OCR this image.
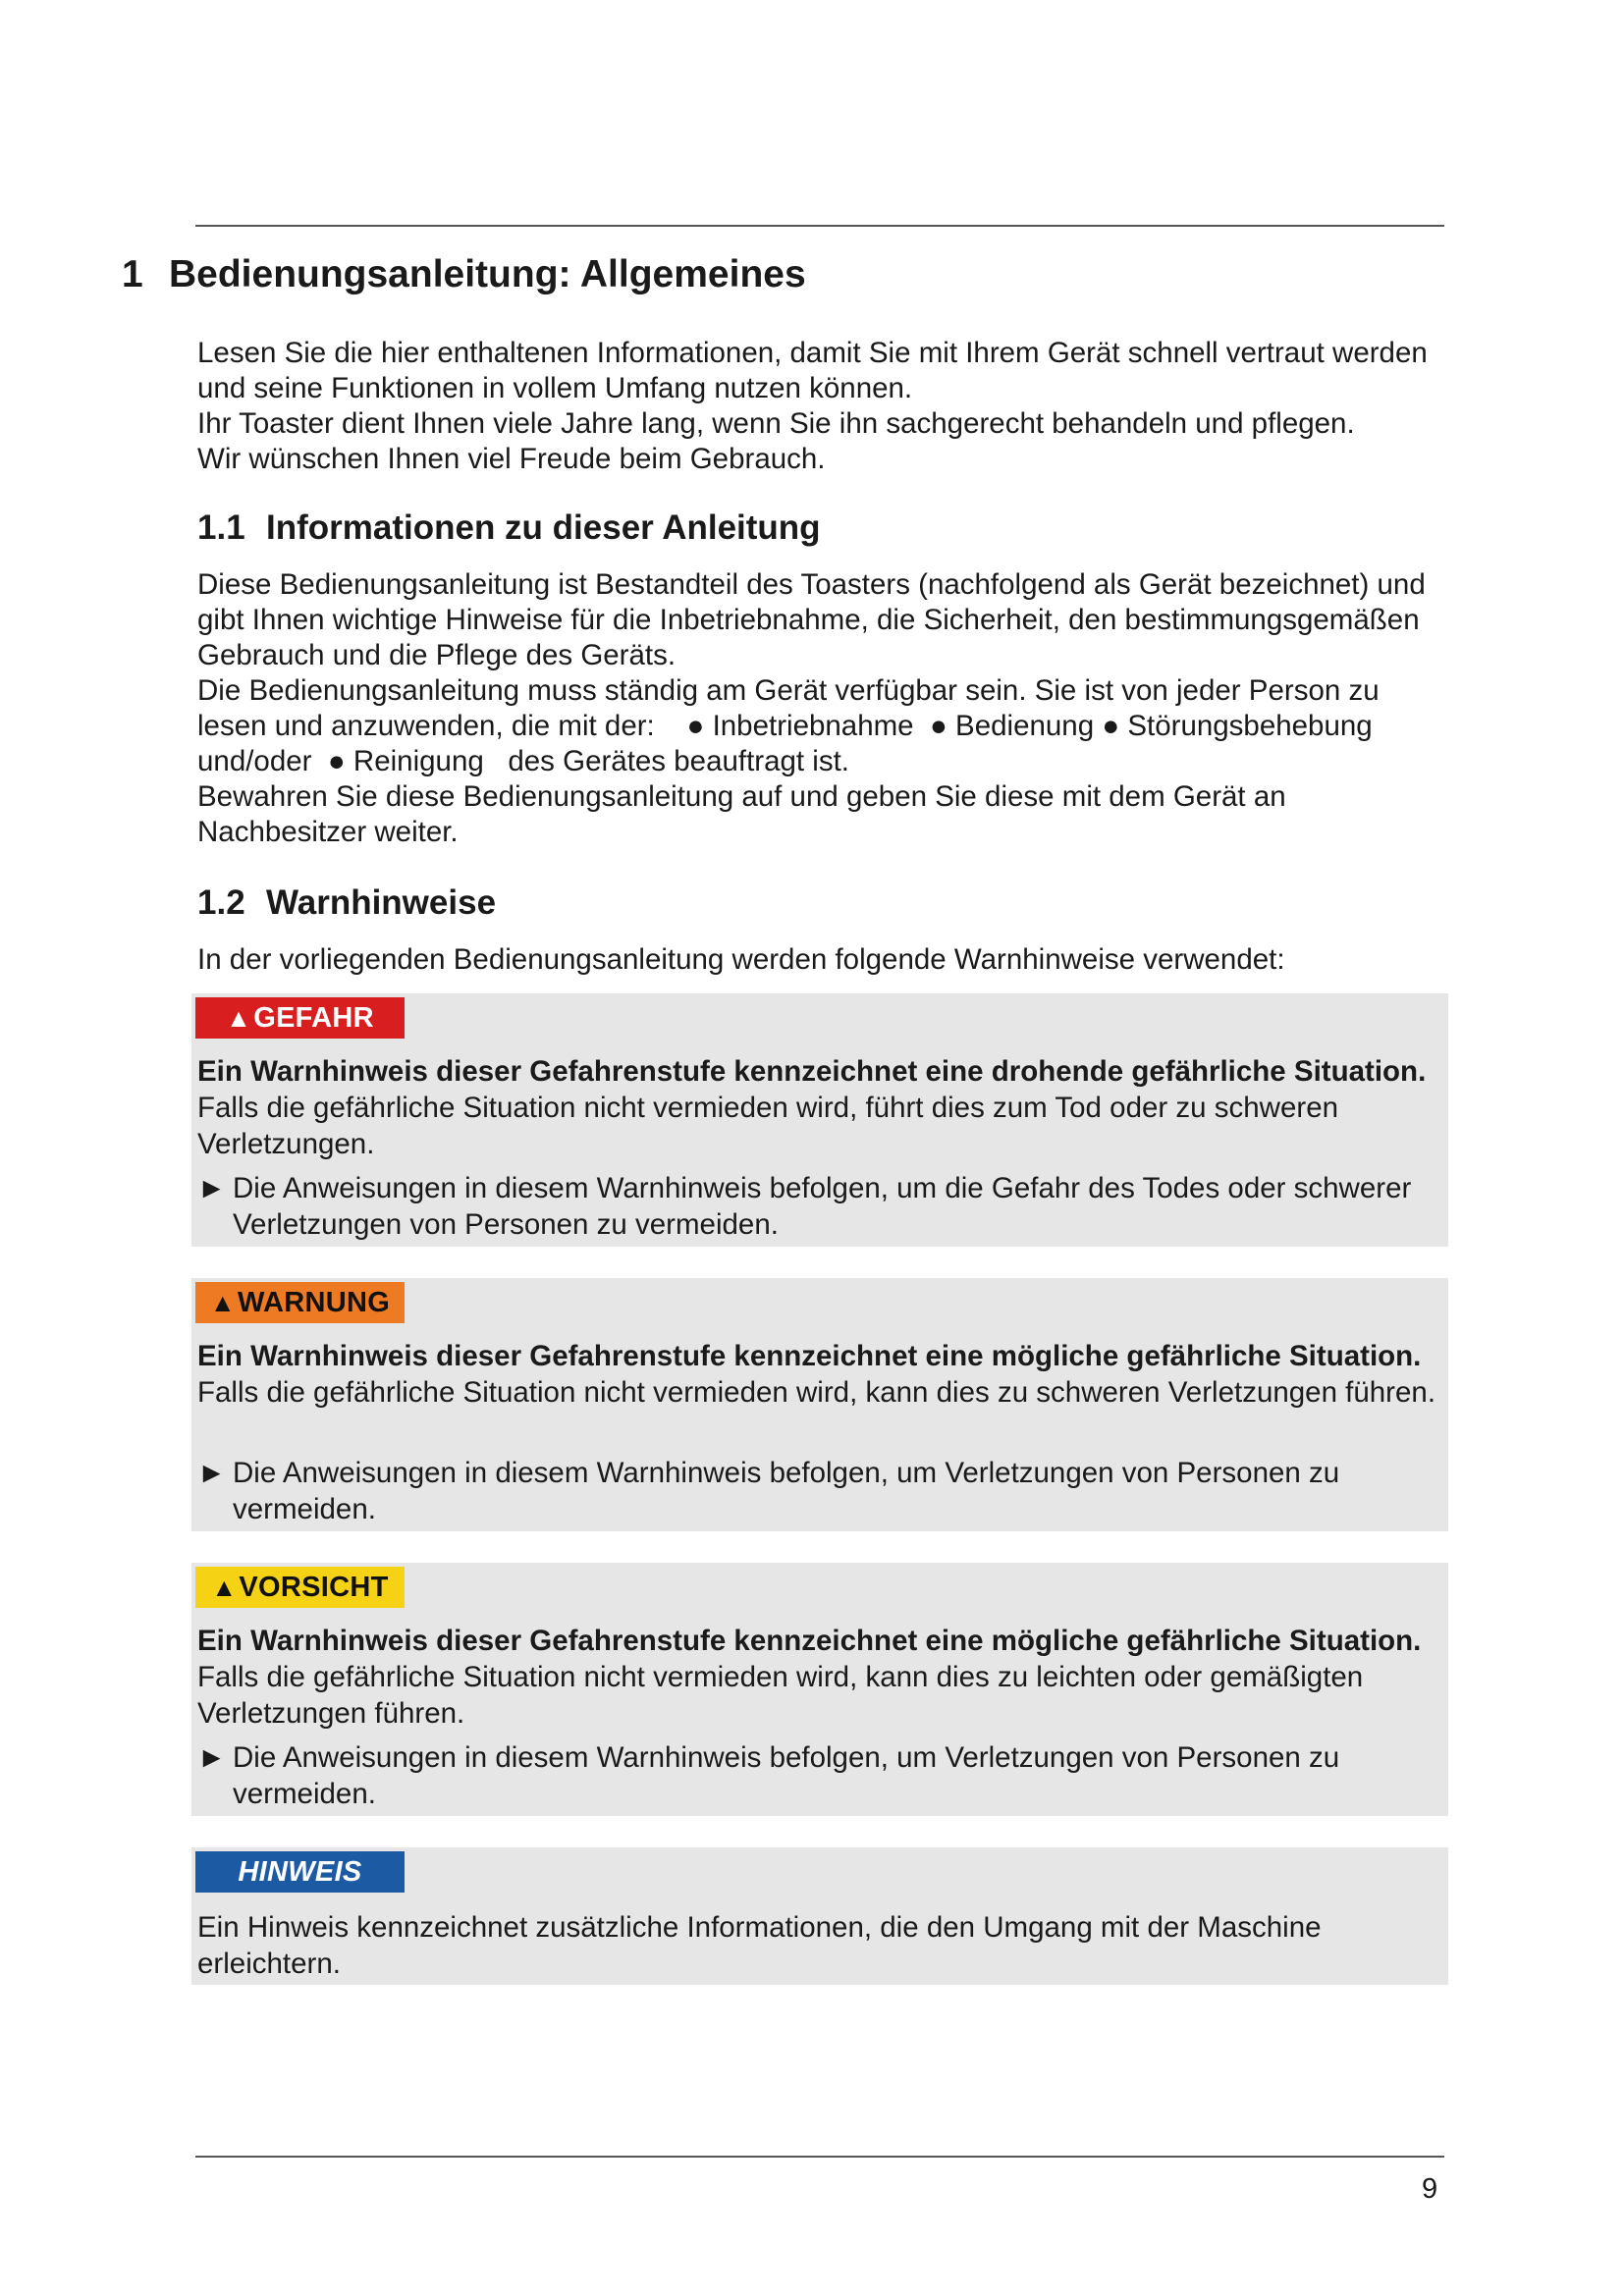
1 Bedienungsanleitung: Allgemeines

Lesen Sie die hier enthaltenen Informationen, damit Sie mit Ihrem Gerät schnell vertraut werden und seine Funktionen in vollem Umfang nutzen können.

Ihr Toaster dient Ihnen viele Jahre lang, wenn Sie ihn sachgerecht behandeln und pflegen.

Wir wünschen Ihnen viel Freude beim Gebrauch.

1.1 Informationen zu dieser Anleitung

Diese Bedienungsanleitung ist Bestandteil des Toasters (nachfolgend als Gerät bezeichnet) und gibt Ihnen wichtige Hinweise für die Inbetriebnahme, die Sicherheit, den bestimmungsgemäßen Gebrauch und die Pflege des Geräts.

Die Bedienungsanleitung muss ständig am Gerät verfügbar sein. Sie ist von jeder Person zu lesen und anzuwenden, die mit der: ● Inbetriebnahme ● Bedienung ● Störungsbehebung und/oder ● Reinigung des Gerätes beauftragt ist.

Bewahren Sie diese Bedienungsanleitung auf und geben Sie diese mit dem Gerät an Nachbesitzer weiter.

1.2 Warnhinweise

In der vorliegenden Bedienungsanleitung werden folgende Warnhinweise verwendet:

▲ GEFAHR

Ein Warnhinweis dieser Gefahrenstufe kennzeichnet eine drohende gefährliche Situation. Falls die gefährliche Situation nicht vermieden wird, führt dies zum Tod oder zu schweren Verletzungen.

► Die Anweisungen in diesem Warnhinweis befolgen, um die Gefahr des Todes oder schwerer Verletzungen von Personen zu vermeiden.
▲ WARNUNG

Ein Warnhinweis dieser Gefahrenstufe kennzeichnet eine mögliche gefährliche Situation. Falls die gefährliche Situation nicht vermieden wird, kann dies zu schweren Verletzungen führen.

► Die Anweisungen in diesem Warnhinweis befolgen, um Verletzungen von Personen zu vermeiden.
▲ VORSICHT

Ein Warnhinweis dieser Gefahrenstufe kennzeichnet eine mögliche gefährliche Situation. Falls die gefährliche Situation nicht vermieden wird, kann dies zu leichten oder gemäßigten Verletzungen führen.

► Die Anweisungen in diesem Warnhinweis befolgen, um Verletzungen von Personen zu vermeiden.
HINWEIS

Ein Hinweis kennzeichnet zusätzliche Informationen, die den Umgang mit der Maschine erleichtern.

9
